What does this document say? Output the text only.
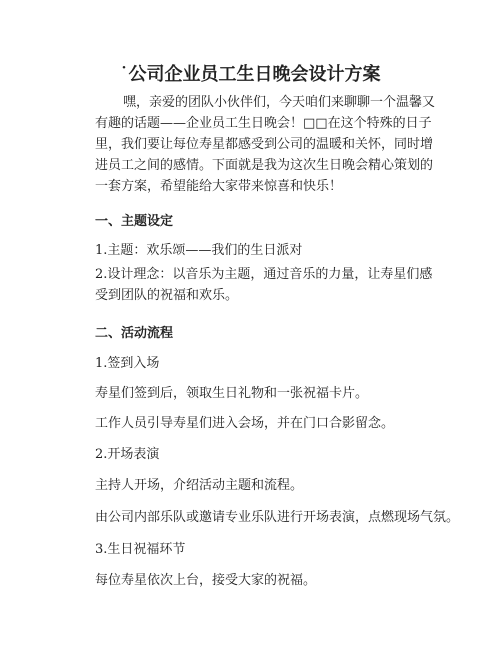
˙公司企业员工生日晚会设计方案
嘿，亲爱的团队小伙伴们，今天咱们来聊聊一个温馨又有趣的话题——企业员工生日晚会！□□在这个特殊的日子里，我们要让每位寿星都感受到公司的温暖和关怀，同时增进员工之间的感情。下面就是我为这次生日晚会精心策划的一套方案，希望能给大家带来惊喜和快乐！
一、主题设定
1.主题：欢乐颂——我们的生日派对
2.设计理念：以音乐为主题，通过音乐的力量，让寿星们感受到团队的祝福和欢乐。
二、活动流程
1.签到入场
寿星们签到后，领取生日礼物和一张祝福卡片。
工作人员引导寿星们进入会场，并在门口合影留念。
2.开场表演
主持人开场，介绍活动主题和流程。
由公司内部乐队或邀请专业乐队进行开场表演，点燃现场气氛。
3.生日祝福环节
每位寿星依次上台，接受大家的祝福。
